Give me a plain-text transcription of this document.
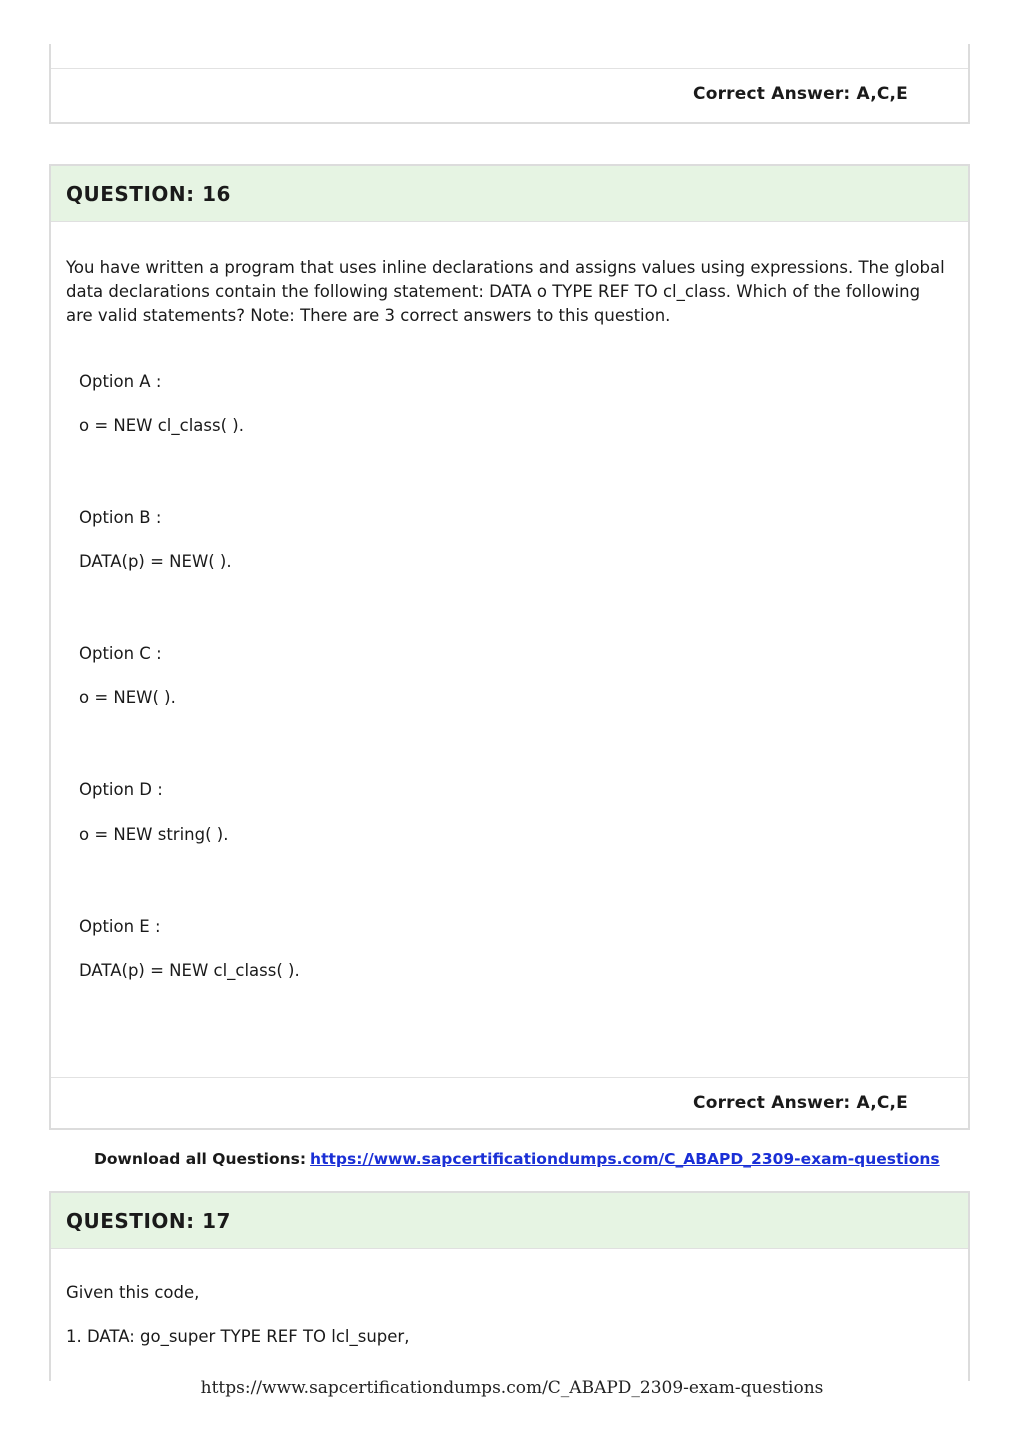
Correct Answer: A,C,E
QUESTION: 16
You have written a program that uses inline declarations and assigns values using expressions. The global data declarations contain the following statement: DATA o TYPE REF TO cl_class. Which of the following are valid statements? Note: There are 3 correct answers to this question.
Option A :
o = NEW cl_class( ).
Option B :
DATA(p) = NEW( ).
Option C :
o = NEW( ).
Option D :
o = NEW string( ).
Option E :
DATA(p) = NEW cl_class( ).
Correct Answer: A,C,E
Download all Questions: https://www.sapcertificationdumps.com/C_ABAPD_2309-exam-questions
QUESTION: 17
Given this code,
1. DATA: go_super TYPE REF TO lcl_super,
https://www.sapcertificationdumps.com/C_ABAPD_2309-exam-questions
